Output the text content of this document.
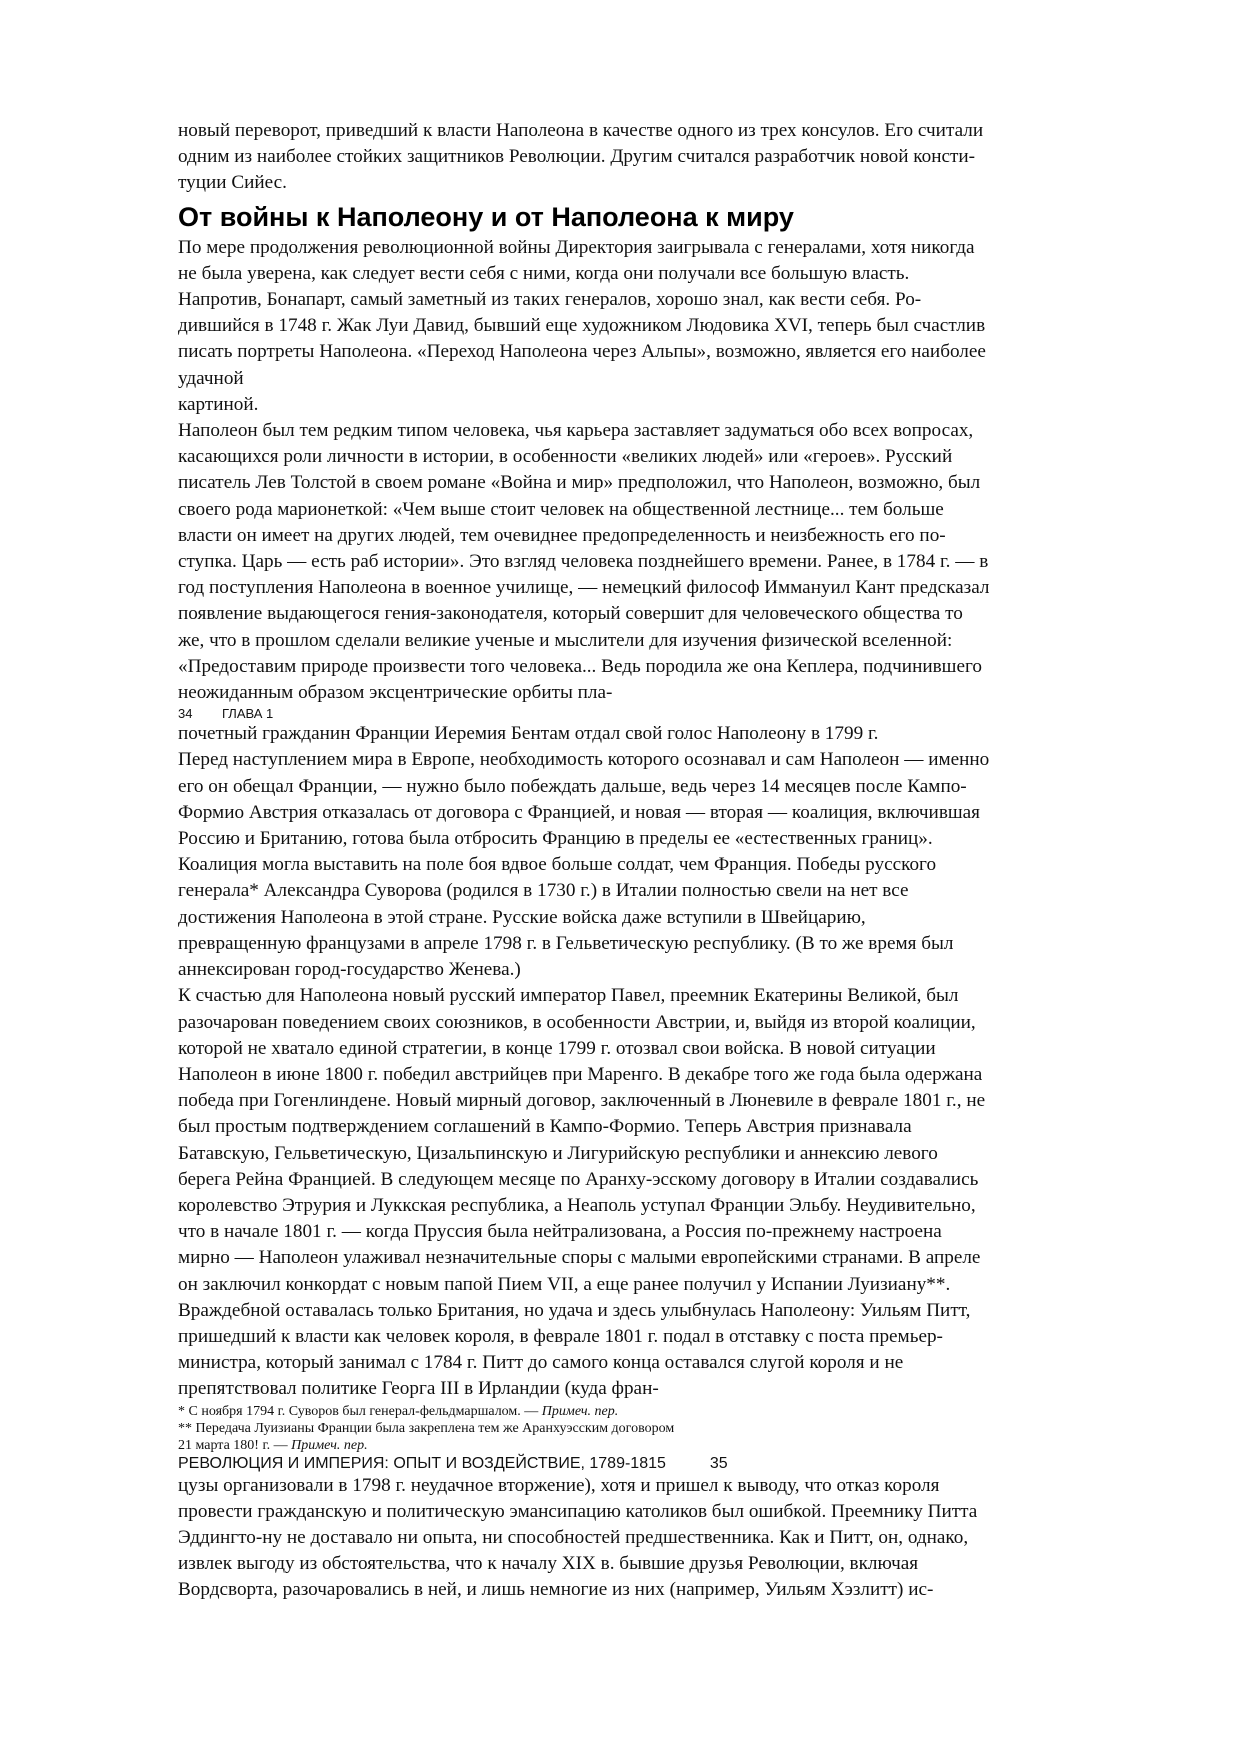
новый переворот, приведший к власти Наполеона в качестве одного из трех консулов. Его считали

одним из наиболее стойких защитников Революции. Другим считался разработчик новой консти-

туции Сийес.

От войны к Наполеону и от Наполеона к миру

По мере продолжения революционной войны Директория заигрывала с генералами, хотя никогда

не была уверена, как следует вести себя с ними, когда они получали все большую власть.

Напротив, Бонапарт, самый заметный из таких генералов, хорошо знал, как вести себя. Ро-

дившийся в 1748 г. Жак Луи Давид, бывший еще художником Людовика XVI, теперь был счастлив

писать портреты Наполеона. «Переход Наполеона через Альпы», возможно, является его наиболее

удачной

картиной.

Наполеон был тем редким типом человека, чья карьера заставляет задуматься обо всех вопросах,

касающихся роли личности в истории, в особенности «великих людей» или «героев». Русский

писатель Лев Толстой в своем романе «Война и мир» предположил, что Наполеон, возможно, был

своего рода марионеткой: «Чем выше стоит человек на общественной лестнице... тем больше

власти он имеет на других людей, тем очевиднее предопределенность и неизбежность его по-

ступка. Царь — есть раб истории». Это взгляд человека позднейшего времени. Ранее, в 1784 г. — в

год поступления Наполеона в военное училище, — немецкий философ Иммануил Кант предсказал

появление выдающегося гения-законодателя, который совершит для человеческого общества то

же, что в прошлом сделали великие ученые и мыслители для изучения физической вселенной:

«Предоставим природе произвести того человека... Ведь породила же она Кеплера, подчинившего

неожиданным образом эксцентрические орбиты пла-

34 ГЛАВА 1

почетный гражданин Франции Иеремия Бентам отдал свой голос Наполеону в 1799 г.

Перед наступлением мира в Европе, необходимость которого осознавал и сам Наполеон — именно

его он обещал Франции, — нужно было побеждать дальше, ведь через 14 месяцев после Кампо-

Формио Австрия отказалась от договора с Францией, и новая — вторая — коалиция, включившая

Россию и Британию, готова была отбросить Францию в пределы ее «естественных границ».

Коалиция могла выставить на поле боя вдвое больше солдат, чем Франция. Победы русского

генерала* Александра Суворова (родился в 1730 г.) в Италии полностью свели на нет все

достижения Наполеона в этой стране. Русские войска даже вступили в Швейцарию,

превращенную французами в апреле 1798 г. в Гельветическую республику. (В то же время был

аннексирован город-государство Женева.)

К счастью для Наполеона новый русский император Павел, преемник Екатерины Великой, был

разочарован поведением своих союзников, в особенности Австрии, и, выйдя из второй коалиции,

которой не хватало единой стратегии, в конце 1799 г. отозвал свои войска. В новой ситуации

Наполеон в июне 1800 г. победил австрийцев при Маренго. В декабре того же года была одержана

победа при Гогенлиндене. Новый мирный договор, заключенный в Люневиле в феврале 1801 г., не

был простым подтверждением соглашений в Кампо-Формио. Теперь Австрия признавала

Батавскую, Гельветическую, Цизальпинскую и Лигурийскую республики и аннексию левого

берега Рейна Францией. В следующем месяце по Аранху-эсскому договору в Италии создавались

королевство Этрурия и Луккская республика, а Неаполь уступал Франции Эльбу. Неудивительно,

что в начале 1801 г. — когда Пруссия была нейтрализована, а Россия по-прежнему настроена

мирно — Наполеон улаживал незначительные споры с малыми европейскими странами. В апреле

он заключил конкордат с новым папой Пием VII, а еще ранее получил у Испании Луизиану**.

Враждебной оставалась только Британия, но удача и здесь улыбнулась Наполеону: Уильям Питт,

пришедший к власти как человек короля, в феврале 1801 г. подал в отставку с поста премьер-

министра, который занимал с 1784 г. Питт до самого конца оставался слугой короля и не

препятствовал политике Георга III в Ирландии (куда фран-

* С ноября 1794 г. Суворов был генерал-фельдмаршалом. — Примеч. пер.

** Передача Луизианы Франции была закреплена тем же Аранхуэсским договором

21 марта 180! г. — Примеч. пер.

РЕВОЛЮЦИЯ И ИМПЕРИЯ: ОПЫТ И ВОЗДЕЙСТВИЕ, 1789-1815	35

цузы организовали в 1798 г. неудачное вторжение), хотя и пришел к выводу, что отказ короля

провести гражданскую и политическую эмансипацию католиков был ошибкой. Преемнику Питта

Эддингто-ну не доставало ни опыта, ни способностей предшественника. Как и Питт, он, однако,

извлек выгоду из обстоятельства, что к началу XIX в. бывшие друзья Революции, включая

Вордсворта, разочаровались в ней, и лишь немногие из них (например, Уильям Хэзлитт) ис-
